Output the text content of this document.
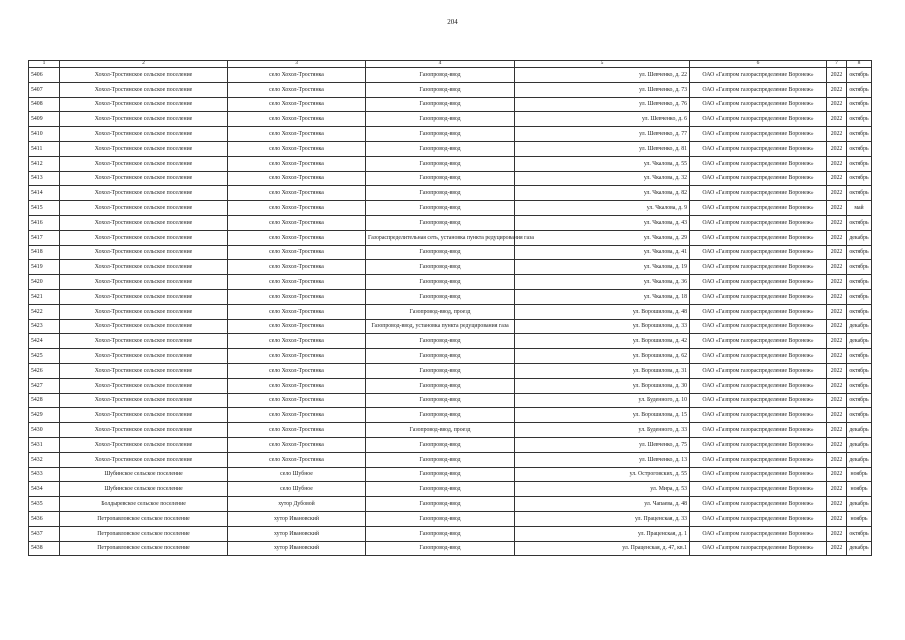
204
1	2	3	4	5	6	7	8
5406	Хохол-Тростянское сельское поселение	село Хохол-Тростянка	Газопровод-ввод	ул. Шевченко, д. 22	ОАО «Газпром газораспределение Воронеж»	2022	октябрь
5407	Хохол-Тростянское сельское поселение	село Хохол-Тростянка	Газопровод-ввод	ул. Шевченко, д. 73	ОАО «Газпром газораспределение Воронеж»	2022	октябрь
5408	Хохол-Тростянское сельское поселение	село Хохол-Тростянка	Газопровод-ввод	ул. Шевченко, д. 76	ОАО «Газпром газораспределение Воронеж»	2022	октябрь
5409	Хохол-Тростянское сельское поселение	село Хохол-Тростянка	Газопровод-ввод	ул. Шевченко, д. 6	ОАО «Газпром газораспределение Воронеж»	2022	октябрь
5410	Хохол-Тростянское сельское поселение	село Хохол-Тростянка	Газопровод-ввод	ул. Шевченко, д. 77	ОАО «Газпром газораспределение Воронеж»	2022	октябрь
5411	Хохол-Тростянское сельское поселение	село Хохол-Тростянка	Газопровод-ввод	ул. Шевченко, д. 81	ОАО «Газпром газораспределение Воронеж»	2022	октябрь
5412	Хохол-Тростянское сельское поселение	село Хохол-Тростянка	Газопровод-ввод	ул. Чкалова, д. 55	ОАО «Газпром газораспределение Воронеж»	2022	октябрь
5413	Хохол-Тростянское сельское поселение	село Хохол-Тростянка	Газопровод-ввод	ул. Чкалова, д. 32	ОАО «Газпром газораспределение Воронеж»	2022	октябрь
5414	Хохол-Тростянское сельское поселение	село Хохол-Тростянка	Газопровод-ввод	ул. Чкалова, д. 82	ОАО «Газпром газораспределение Воронеж»	2022	октябрь
5415	Хохол-Тростянское сельское поселение	село Хохол-Тростянка	Газопровод-ввод	ул. Чкалова, д. 9	ОАО «Газпром газораспределение Воронеж»	2022	май
5416	Хохол-Тростянское сельское поселение	село Хохол-Тростянка	Газопровод-ввод	ул. Чкалова, д. 43	ОАО «Газпром газораспределение Воронеж»	2022	октябрь
5417	Хохол-Тростянское сельское поселение	село Хохол-Тростянка	Газораспределительная сеть, установка пункта редуцирования газа	ул. Чкалова, д. 29	ОАО «Газпром газораспределение Воронеж»	2022	декабрь
5418	Хохол-Тростянское сельское поселение	село Хохол-Тростянка	Газопровод-ввод	ул. Чкалова, д. 41	ОАО «Газпром газораспределение Воронеж»	2022	октябрь
5419	Хохол-Тростянское сельское поселение	село Хохол-Тростянка	Газопровод-ввод	ул. Чкалова, д. 19	ОАО «Газпром газораспределение Воронеж»	2022	октябрь
5420	Хохол-Тростянское сельское поселение	село Хохол-Тростянка	Газопровод-ввод	ул. Чкалова, д. 36	ОАО «Газпром газораспределение Воронеж»	2022	октябрь
5421	Хохол-Тростянское сельское поселение	село Хохол-Тростянка	Газопровод-ввод	ул. Чкалова, д. 18	ОАО «Газпром газораспределение Воронеж»	2022	октябрь
5422	Хохол-Тростянское сельское поселение	село Хохол-Тростянка	Газопровод-ввод, проезд	ул. Ворошилова, д. 48	ОАО «Газпром газораспределение Воронеж»	2022	октябрь
5423	Хохол-Тростянское сельское поселение	село Хохол-Тростянка	Газопровод-ввод, установка пункта редуцирования газа	ул. Ворошилова, д. 33	ОАО «Газпром газораспределение Воронеж»	2022	декабрь
5424	Хохол-Тростянское сельское поселение	село Хохол-Тростянка	Газопровод-ввод	ул. Ворошилова, д. 42	ОАО «Газпром газораспределение Воронеж»	2022	декабрь
5425	Хохол-Тростянское сельское поселение	село Хохол-Тростянка	Газопровод-ввод	ул. Ворошилова, д. 62	ОАО «Газпром газораспределение Воронеж»	2022	октябрь
5426	Хохол-Тростянское сельское поселение	село Хохол-Тростянка	Газопровод-ввод	ул. Ворошилова, д. 31	ОАО «Газпром газораспределение Воронеж»	2022	октябрь
5427	Хохол-Тростянское сельское поселение	село Хохол-Тростянка	Газопровод-ввод	ул. Ворошилова, д. 30	ОАО «Газпром газораспределение Воронеж»	2022	октябрь
5428	Хохол-Тростянское сельское поселение	село Хохол-Тростянка	Газопровод-ввод	ул. Буденного, д. 10	ОАО «Газпром газораспределение Воронеж»	2022	октябрь
5429	Хохол-Тростянское сельское поселение	село Хохол-Тростянка	Газопровод-ввод	ул. Ворошилова, д. 15	ОАО «Газпром газораспределение Воронеж»	2022	октябрь
5430	Хохол-Тростянское сельское поселение	село Хохол-Тростянка	Газопровод-ввод, проезд	ул. Буденного, д. 33	ОАО «Газпром газораспределение Воронеж»	2022	декабрь
5431	Хохол-Тростянское сельское поселение	село Хохол-Тростянка	Газопровод-ввод	ул. Шевченко, д. 75	ОАО «Газпром газораспределение Воронеж»	2022	декабрь
5432	Хохол-Тростянское сельское поселение	село Хохол-Тростянка	Газопровод-ввод	ул. Шевченко, д. 13	ОАО «Газпром газораспределение Воронеж»	2022	декабрь
5433	Шубинское сельское поселение	село Шубное	Газопровод-ввод	ул. Остроговских, д. 55	ОАО «Газпром газораспределение Воронеж»	2022	ноябрь
5434	Шубинское сельское поселение	село Шубное	Газопровод-ввод	ул. Мира, д. 53	ОАО «Газпром газораспределение Воронеж»	2022	ноябрь
5435	Болдыревское сельское поселение	хутор Дубовой	Газопровод-ввод	ул. Чапаева, д. 48	ОАО «Газпром газораспределение Воронеж»	2022	декабрь
5436	Петропавловское сельское поселение	хутор Ивановский	Газопровод-ввод	ул. Праценская, д. 33	ОАО «Газпром газораспределение Воронеж»	2022	ноябрь
5437	Петропавловское сельское поселение	хутор Ивановский	Газопровод-ввод	ул. Праценская, д. 1	ОАО «Газпром газораспределение Воронеж»	2022	октябрь
5438	Петропавловское сельское поселение	хутор Ивановский	Газопровод-ввод	ул. Праценская, д. 47, кв.1	ОАО «Газпром газораспределение Воронеж»	2022	декабрь
